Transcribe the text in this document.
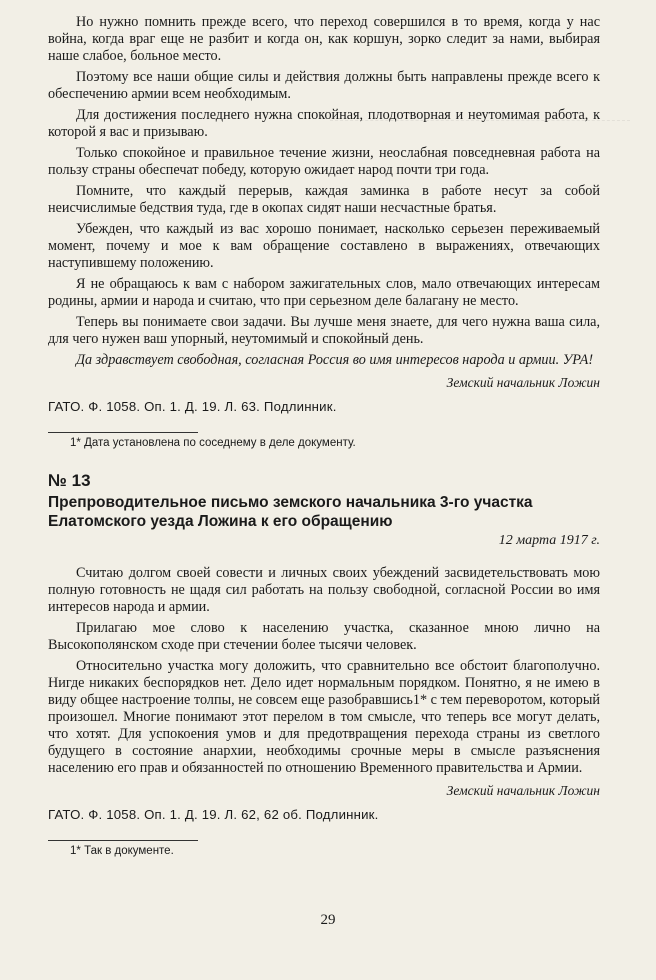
Но нужно помнить прежде всего, что переход совершился в то время, когда у нас война, когда враг еще не разбит и когда он, как коршун, зорко следит за нами, выбирая наше слабое, больное место.

Поэтому все наши общие силы и действия должны быть направлены прежде всего к обеспечению армии всем необходимым.

Для достижения последнего нужна спокойная, плодотворная и неутомимая работа, к которой я вас и призываю.

Только спокойное и правильное течение жизни, неослабная повседневная работа на пользу страны обеспечат победу, которую ожидает народ почти три года.

Помните, что каждый перерыв, каждая заминка в работе несут за собой неисчислимые бедствия туда, где в окопах сидят наши несчастные братья.

Убежден, что каждый из вас хорошо понимает, насколько серьезен переживаемый момент, почему и мое к вам обращение составлено в выражениях, отвечающих наступившему положению.

Я не обращаюсь к вам с набором зажигательных слов, мало отвечающих интересам родины, армии и народа и считаю, что при серьезном деле балагану не место.

Теперь вы понимаете свои задачи. Вы лучше меня знаете, для чего нужна ваша сила, для чего нужен ваш упорный, неутомимый и спокойный день.

Да здравствует свободная, согласная Россия во имя интересов народа и армии. УРА!

Земский начальник Ложин
ГАТО. Ф. 1058. Оп. 1. Д. 19. Л. 63. Подлинник.
1* Дата установлена по соседнему в деле документу.
№ 13
Препроводительное письмо земского начальника 3-го участка Елатомского уезда Ложина к его обращению
12 марта 1917 г.

Считаю долгом своей совести и личных своих убеждений засвидетельствовать мою полную готовность не щадя сил работать на пользу свободной, согласной России во имя интересов народа и армии.

Прилагаю мое слово к населению участка, сказанное мною лично на Высокополянском сходе при стечении более тысячи человек.

Относительно участка могу доложить, что сравнительно все обстоит благополучно. Нигде никаких беспорядков нет. Дело идет нормальным порядком. Понятно, я не имею в виду общее настроение толпы, не совсем еще разобравшись1* с тем переворотом, который произошел. Многие понимают этот перелом в том смысле, что теперь все могут делать, что хотят. Для успокоения умов и для предотвращения перехода страны из светлого будущего в состояние анархии, необходимы срочные меры в смысле разъяснения населению его прав и обязанностей по отношению Временного правительства и Армии.

Земский начальник Ложин
ГАТО. Ф. 1058. Оп. 1. Д. 19. Л. 62, 62 об. Подлинник.
1* Так в документе.
29
